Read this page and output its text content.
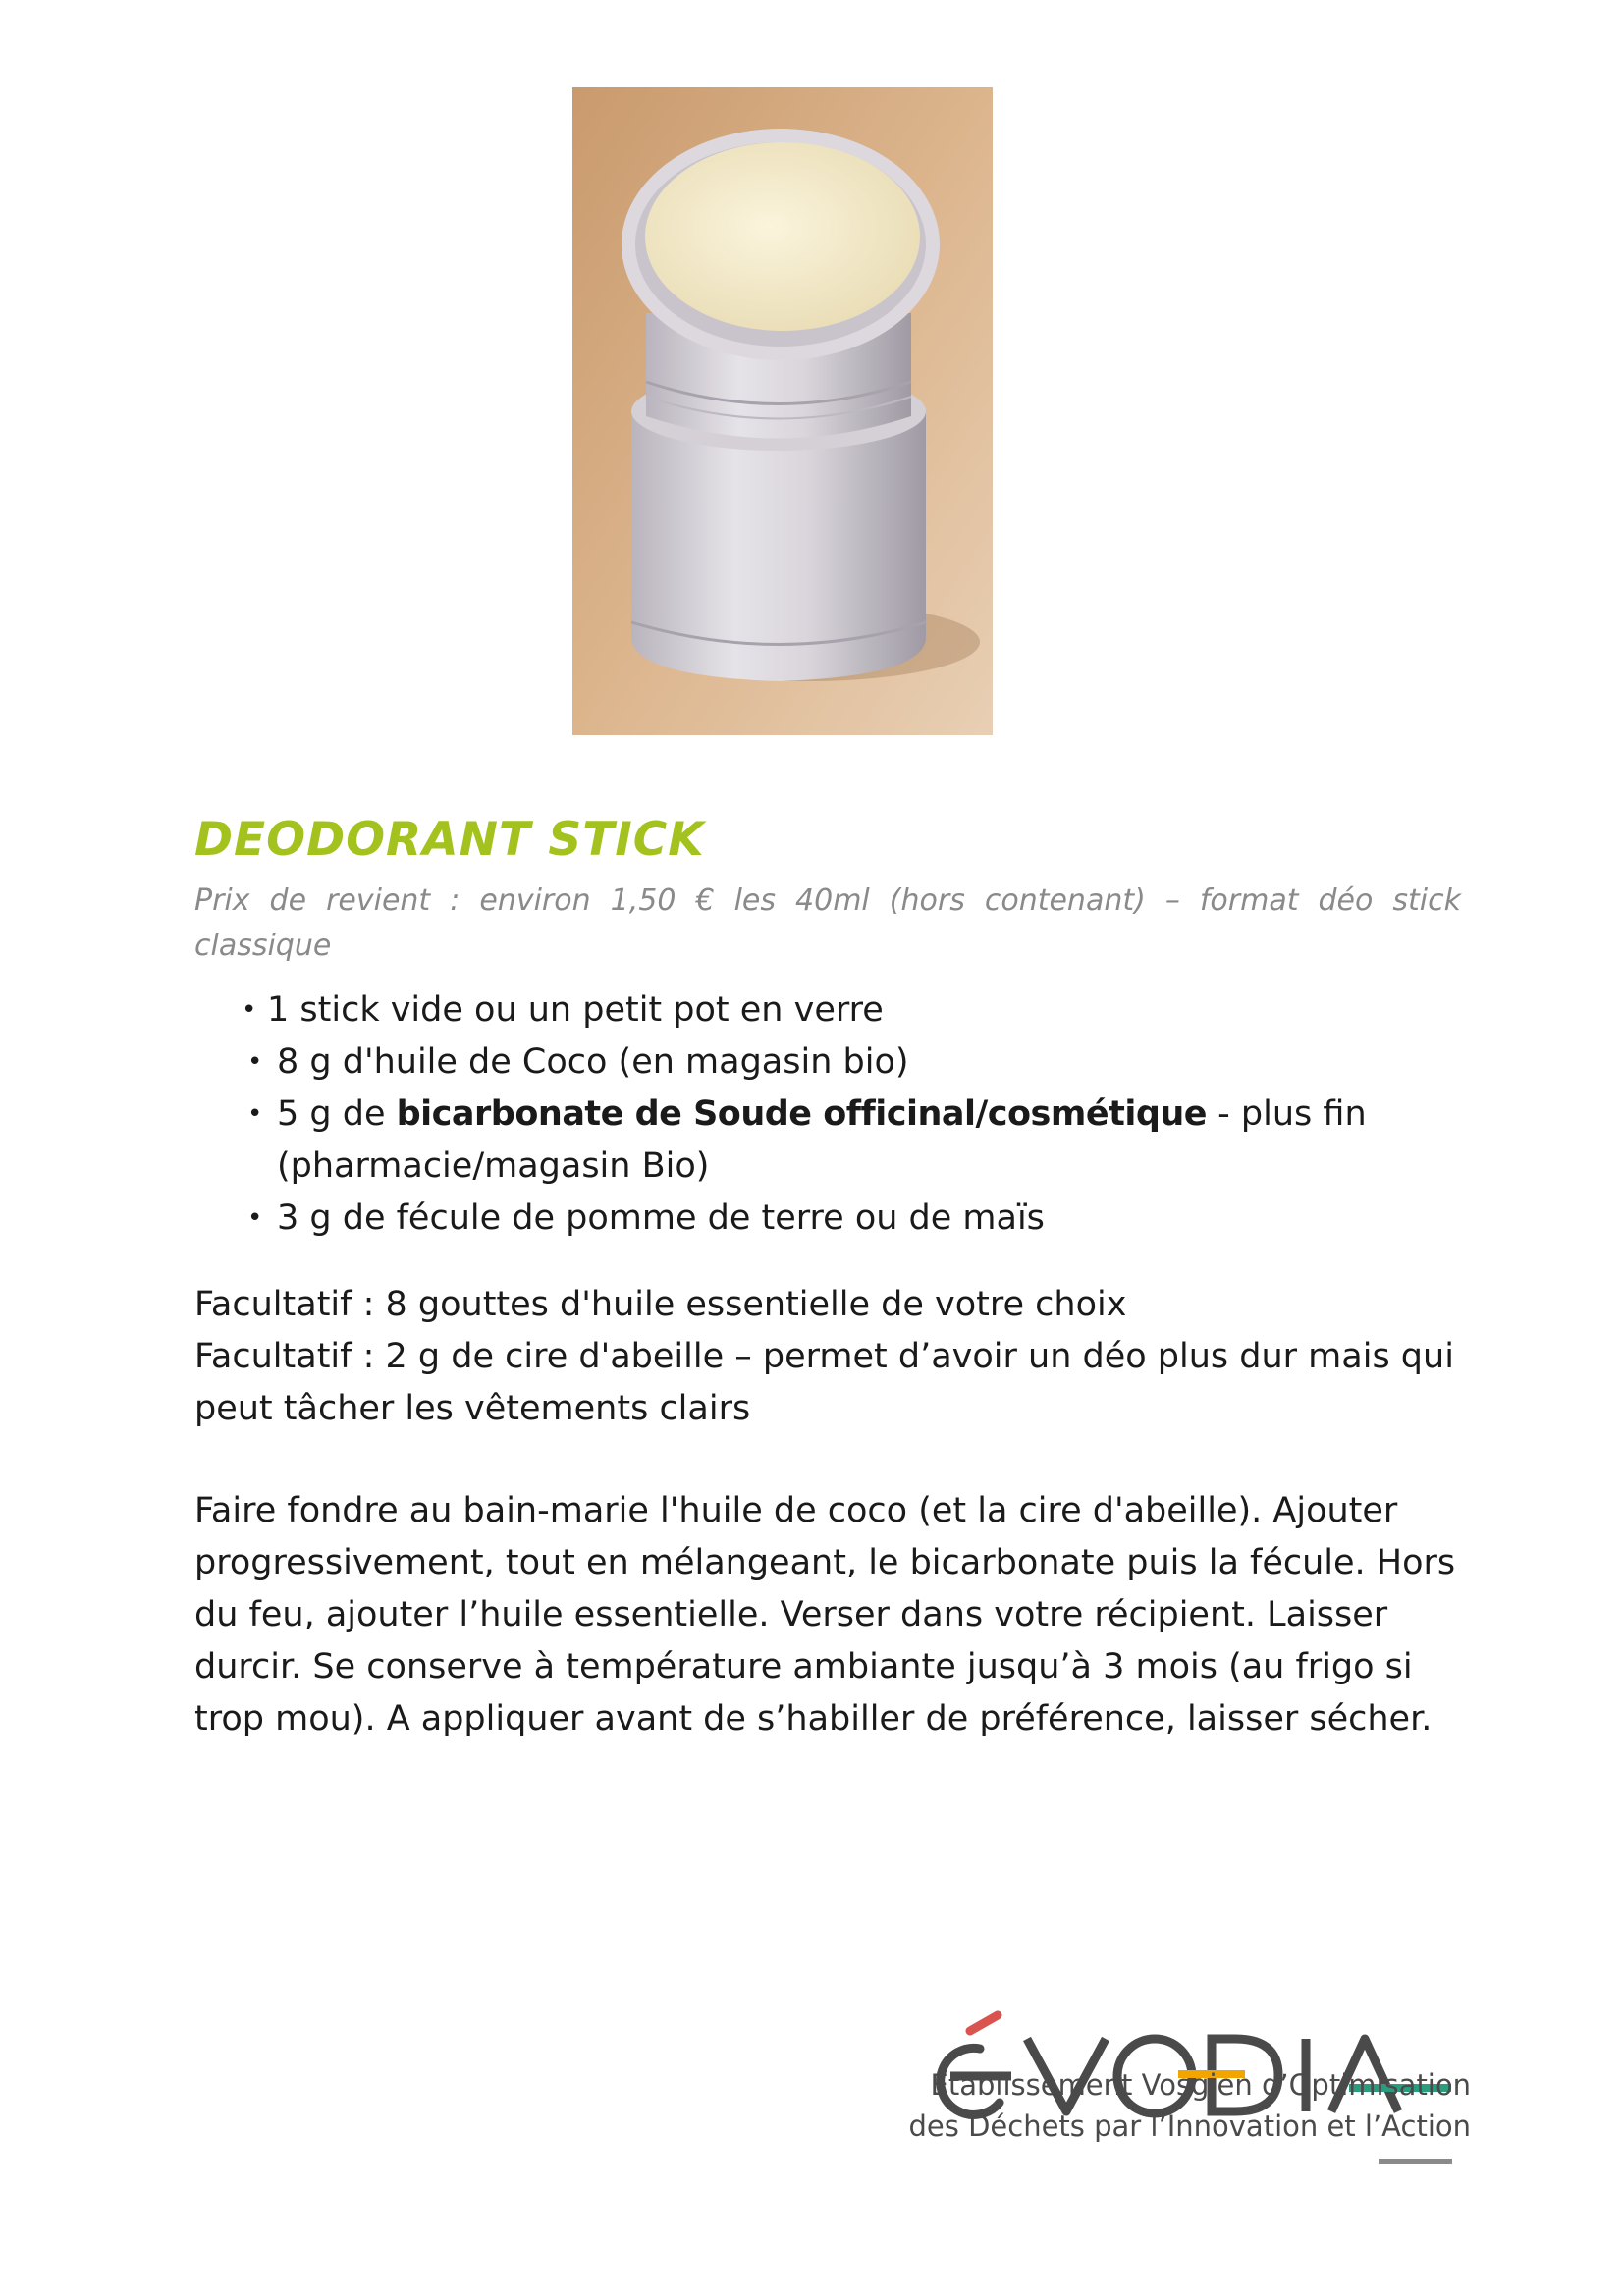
DEODORANT STICK

Prix de revient : environ 1,50 € les 40ml (hors contenant) – format déo stick classique

• 1 stick vide ou un petit pot en verre
• 8 g d'huile de Coco (en magasin bio)
• 5 g de bicarbonate de Soude officinal/cosmétique - plus fin (pharmacie/magasin Bio)
• 3 g de fécule de pomme de terre ou de maïs
Facultatif : 8 gouttes d'huile essentielle de votre choix
Facultatif : 2 g de cire d'abeille – permet d’avoir un déo plus dur mais qui peut tâcher les vêtements clairs

Faire fondre au bain-marie l'huile de coco (et la cire d'abeille). Ajouter progressivement, tout en mélangeant, le bicarbonate puis la fécule. Hors du feu, ajouter l’huile essentielle. Verser dans votre récipient. Laisser durcir. Se conserve à température ambiante jusqu’à 3 mois (au frigo si trop mou). A appliquer avant de s’habiller de préférence, laisser sécher.

Établissement Vosgien d’Optimisation
des Déchets par l’Innovation et l’Action
